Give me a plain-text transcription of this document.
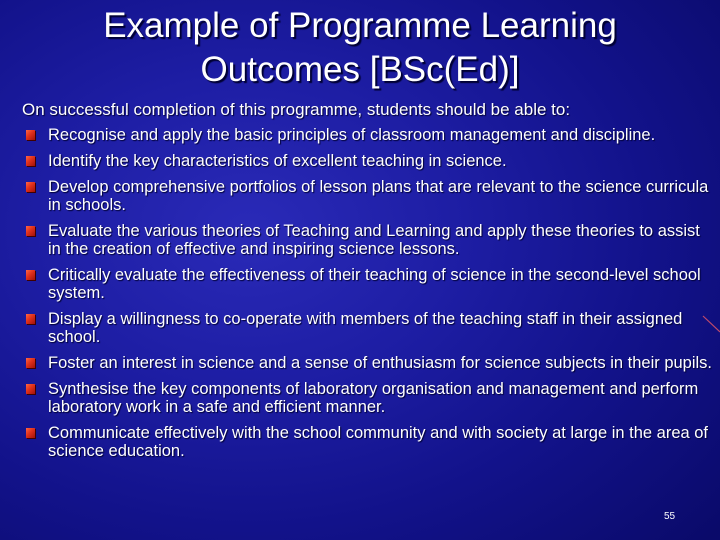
Example of Programme Learning Outcomes [BSc(Ed)]
On successful completion of this programme, students should be able to:
Recognise and apply the basic principles of classroom management and discipline.
Identify the key characteristics of excellent teaching in science.
Develop comprehensive portfolios of lesson plans that are relevant to the science curricula in schools.
Evaluate the various theories of Teaching and Learning and apply these theories to assist in the creation of effective and inspiring science lessons.
Critically evaluate the effectiveness of their teaching of science in the second-level school system.
Display a willingness to co-operate with members of the teaching staff in their assigned school.
Foster an interest in science and a sense of enthusiasm for science subjects in their pupils.
Synthesise the key components of laboratory organisation and management and perform laboratory work in a safe and efficient manner.
Communicate effectively with the school community and with society at large in the area of science education.
55
